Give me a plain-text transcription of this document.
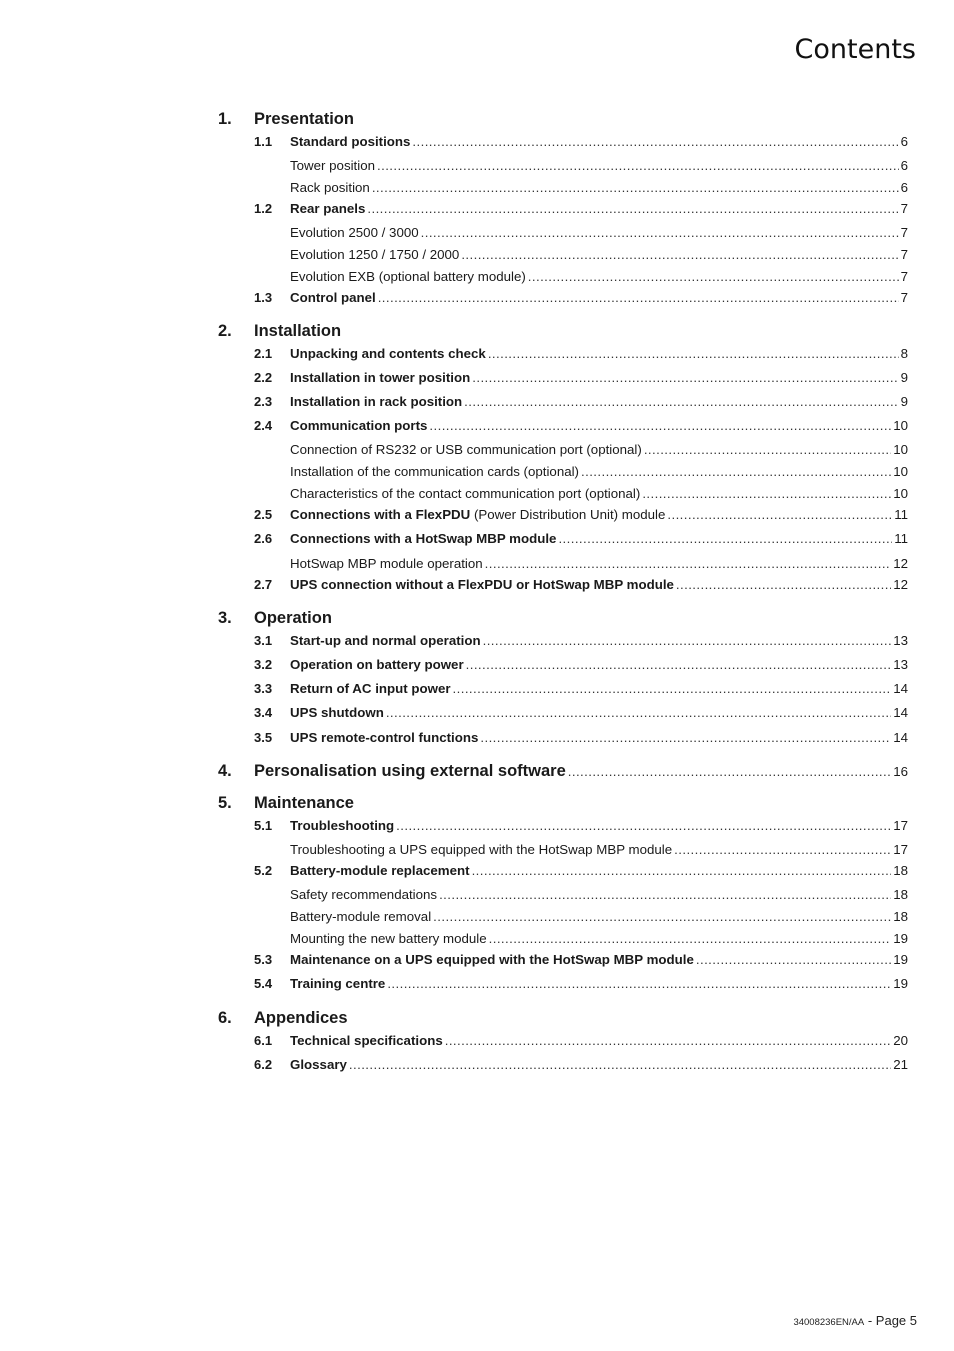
Contents
1.	Presentation
1.1	Standard positions .....	6
Tower position .....	6
Rack position .....	6
1.2	Rear panels .....	7
Evolution 2500 / 3000 .....	7
Evolution 1250 / 1750 / 2000 .....	7
Evolution EXB (optional battery module) .....	7
1.3	Control panel .....	7
2.	Installation
2.1	Unpacking and contents check .....	8
2.2	Installation in tower position .....	9
2.3	Installation in rack position .....	9
2.4	Communication ports .....	10
Connection of RS232 or USB communication port (optional) .....	10
Installation of the communication cards (optional) .....	10
Characteristics of the contact communication port (optional) .....	10
2.5	Connections with a FlexPDU (Power Distribution Unit) module .....	11
2.6	Connections with a HotSwap MBP module .....	11
HotSwap MBP module operation .....	12
2.7	UPS connection without a FlexPDU or HotSwap MBP module .....	12
3.	Operation
3.1	Start-up and normal operation .....	13
3.2	Operation on battery power .....	13
3.3	Return of AC input power .....	14
3.4	UPS shutdown .....	14
3.5	UPS remote-control functions .....	14
4.	Personalisation using external software .....	16
5.	Maintenance
5.1	Troubleshooting .....	17
Troubleshooting a UPS equipped with the HotSwap MBP module .....	17
5.2	Battery-module replacement .....	18
Safety recommendations .....	18
Battery-module removal .....	18
Mounting the new battery module .....	19
5.3	Maintenance on a UPS equipped with the HotSwap MBP module .....	19
5.4	Training centre .....	19
6.	Appendices
6.1	Technical specifications .....	20
6.2	Glossary .....	21
34008236EN/AA - Page 5
